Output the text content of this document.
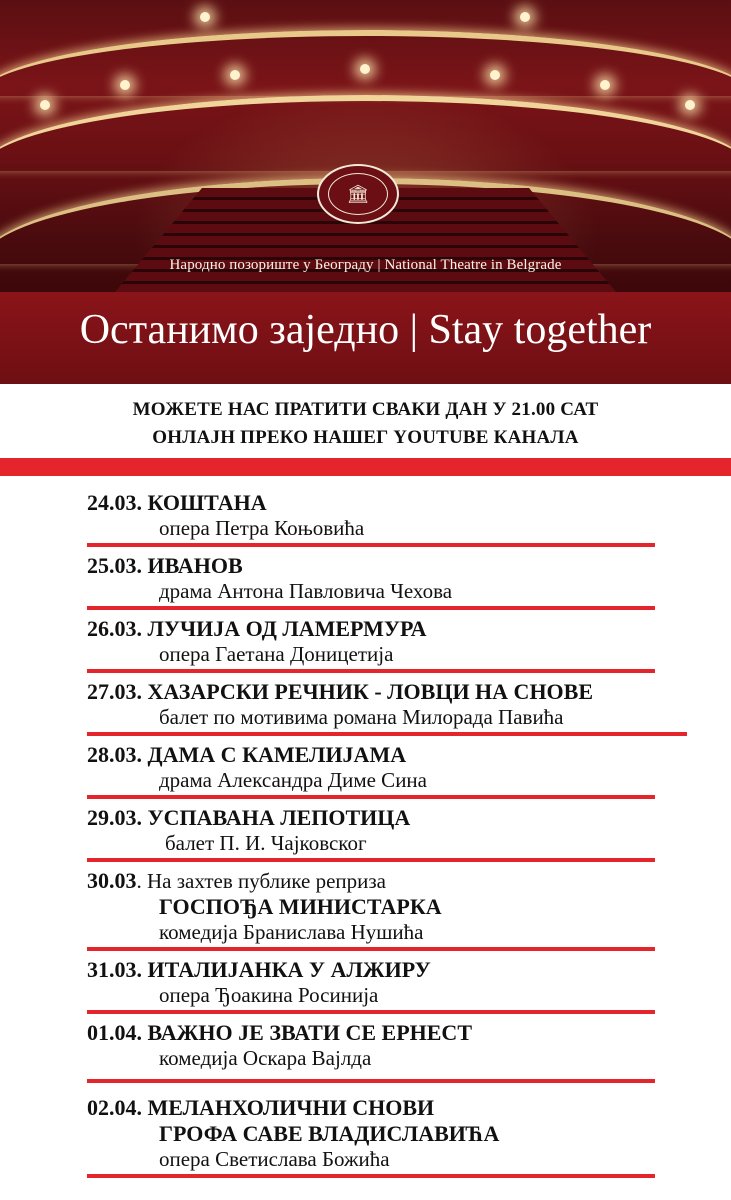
🏛
Народно позориште у Београду | National Theatre in Belgrade
Останимо заједно | Stay together
МОЖЕТЕ НАС ПРАТИТИ СВАКИ ДАН У 21.00 САТ
ОНЛАЈН ПРЕКО НАШЕГ YOUTUBE КАНАЛА
24.03. КОШТАНА
опера Петра Коњовића
25.03. ИВАНОВ
драма Антона Павловича Чехова
26.03. ЛУЧИЈА ОД ЛАМЕРМУРА
опера Гаетана Доницетија
27.03. ХАЗАРСКИ РЕЧНИК - ЛОВЦИ НА СНОВЕ
балет по мотивима романа Милорада Павића
28.03. ДАМА С КАМЕЛИЈАМА
драма Александра Диме Сина
29.03. УСПАВАНА ЛЕПОТИЦА
балет П. И. Чајковског
30.03. На захтев публике реприза
ГОСПОЂА МИНИСТАРКА
комедија Бранислава Нушића
31.03. ИТАЛИЈАНКА У АЛЖИРУ
опера Ђоакина Росинија
01.04. ВАЖНО ЈЕ ЗВАТИ СЕ ЕРНЕСТ
комедија Оскара Вајлда
02.04. МЕЛАНХОЛИЧНИ СНОВИ
ГРОФА САВЕ ВЛАДИСЛАВИЋА
опера Светислава Божића
